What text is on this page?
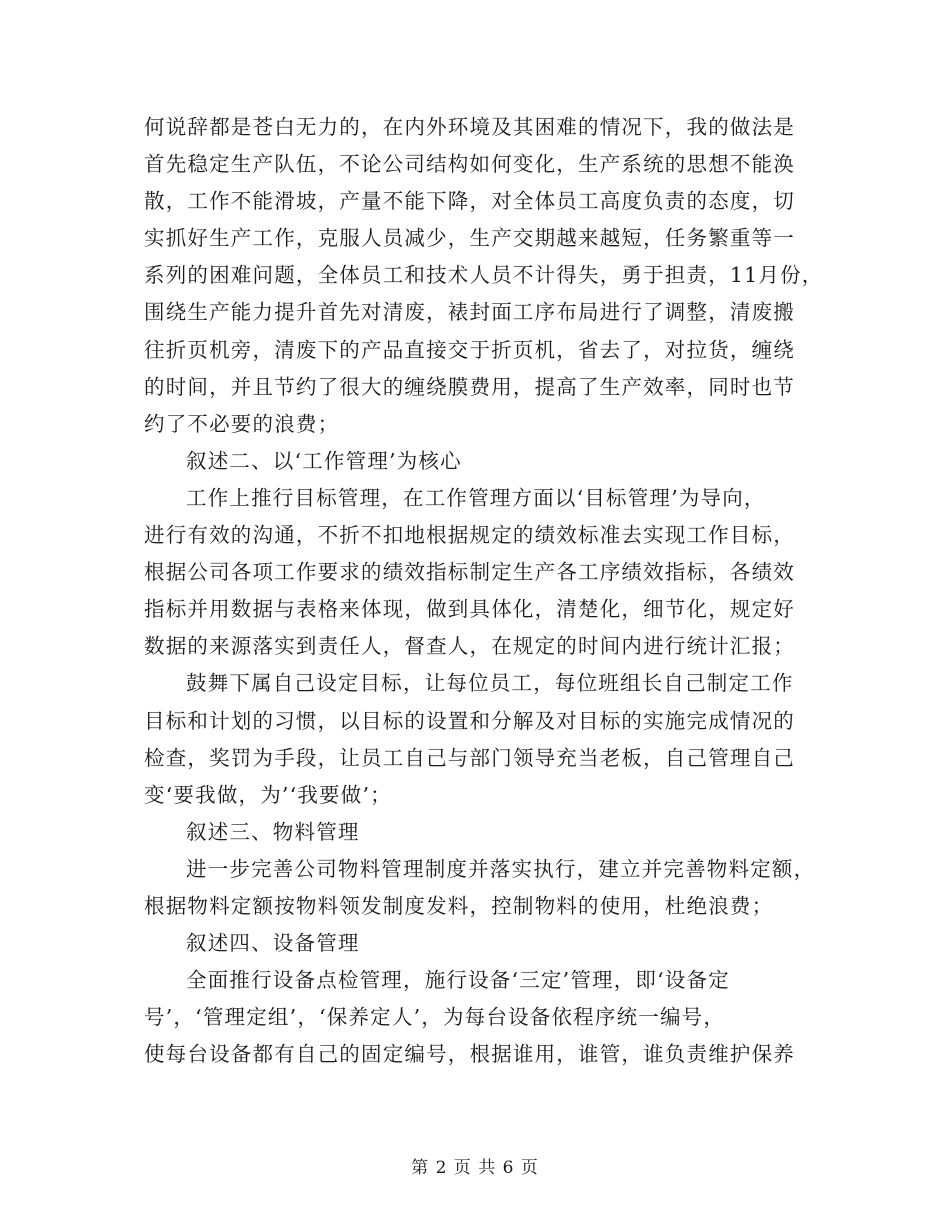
何说辞都是苍白无力的，在内外环境及其困难的情况下，我的做法是
首先稳定生产队伍，不论公司结构如何变化，生产系统的思想不能涣
散，工作不能滑坡，产量不能下降，对全体员工高度负责的态度，切
实抓好生产工作，克服人员减少，生产交期越来越短，任务繁重等一
系列的困难问题，全体员工和技术人员不计得失，勇于担责，11月份，
围绕生产能力提升首先对清废，裱封面工序布局进行了调整，清废搬
往折页机旁，清废下的产品直接交于折页机，省去了，对拉货，缠绕
的时间，并且节约了很大的缠绕膜费用，提高了生产效率，同时也节
约了不必要的浪费；
叙述二、以‘工作管理’为核心
工作上推行目标管理，在工作管理方面以‘目标管理’为导向，
进行有效的沟通，不折不扣地根据规定的绩效标准去实现工作目标，
根据公司各项工作要求的绩效指标制定生产各工序绩效指标，各绩效
指标并用数据与表格来体现，做到具体化，清楚化，细节化，规定好
数据的来源落实到责任人，督查人，在规定的时间内进行统计汇报；
鼓舞下属自己设定目标，让每位员工，每位班组长自己制定工作
目标和计划的习惯，以目标的设置和分解及对目标的实施完成情况的
检查，奖罚为手段，让员工自己与部门领导充当老板，自己管理自己
变‘要我做，为’‘我要做’；
叙述三、物料管理
进一步完善公司物料管理制度并落实执行，建立并完善物料定额，
根据物料定额按物料领发制度发料，控制物料的使用，杜绝浪费；
叙述四、设备管理
全面推行设备点检管理，施行设备‘三定’管理，即‘设备定
号’，‘管理定组’，‘保养定人’，为每台设备依程序统一编号，
使每台设备都有自己的固定编号，根据谁用，谁管，谁负责维护保养
第 2 页 共 6 页
